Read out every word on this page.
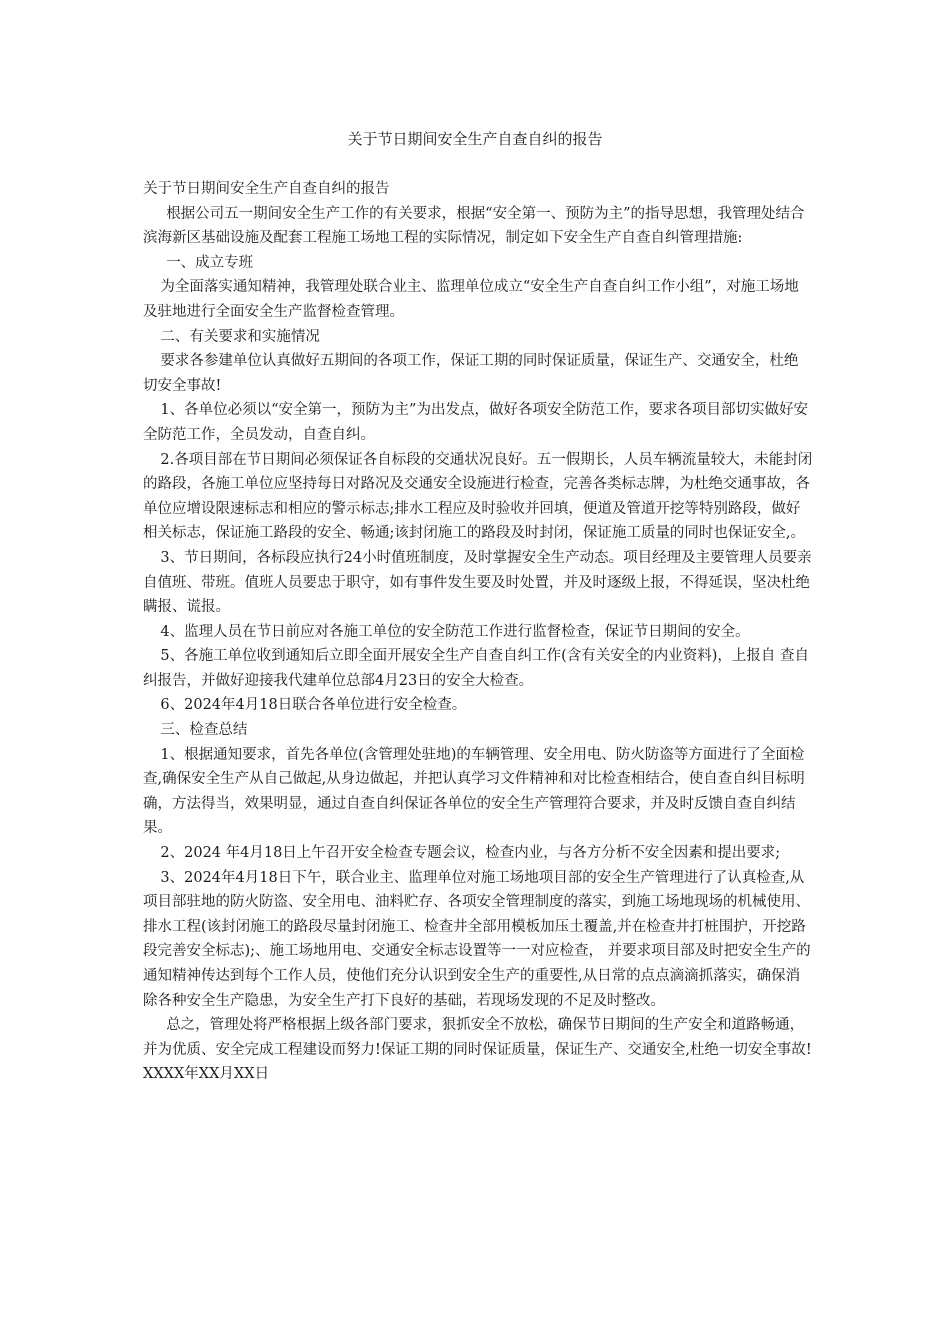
关于节日期间安全生产自查自纠的报告

关于节日期间安全生产自查自纠的报告

根据公司五一期间安全生产工作的有关要求，根据“安全第一、预防为主”的指导思想，我管理处结合滨海新区基础设施及配套工程施工场地工程的实际情况，制定如下安全生产自查自纠管理措施:

一、成立专班

为全面落实通知精神，我管理处联合业主、监理单位成立“安全生产自查自纠工作小组”，对施工场地及驻地进行全面安全生产监督检查管理。

二、有关要求和实施情况

要求各参建单位认真做好五期间的各项工作，保证工期的同时保证质量，保证生产、交通安全，杜绝 切安全事故!

1、各单位必须以“安全第一，预防为主”为出发点，做好各项安全防范工作，要求各项目部切实做好安全防范工作，全员发动，自查自纠。

2.各项目部在节日期间必须保证各自标段的交通状况良好。五一假期长，人员车辆流量较大，未能封闭的路段，各施工单位应坚持每日对路况及交通安全设施进行检查，完善各类标志牌，为杜绝交通事故，各单位应增设限速标志和相应的警示标志;排水工程应及时验收并回填，便道及管道开挖等特别路段，做好相关标志，保证施工路段的安全、畅通;该封闭施工的路段及时封闭，保证施工质量的同时也保证安全,。

3、节日期间，各标段应执行24小时值班制度，及时掌握安全生产动态。项目经理及主要管理人员要亲自值班、带班。值班人员要忠于职守，如有事件发生要及时处置，并及时逐级上报，不得延误，坚决杜绝瞒报、谎报。

4、监理人员在节日前应对各施工单位的安全防范工作进行监督检查，保证节日期间的安全。

5、各施工单位收到通知后立即全面开展安全生产自查自纠工作(含有关安全的内业资料)，上报自 查自纠报告，并做好迎接我代建单位总部4月23日的安全大检查。

6、2024年4月18日联合各单位进行安全检查。

三、检查总结

1、根据通知要求，首先各单位(含管理处驻地)的车辆管理、安全用电、防火防盗等方面进行了全面检查,确保安全生产从自己做起,从身边做起，并把认真学习文件精神和对比检查相结合，使自查自纠目标明确，方法得当，效果明显，通过自查自纠保证各单位的安全生产管理符合要求，并及时反馈自查自纠结果。

2、2024 年4月18日上午召开安全检查专题会议，检查内业，与各方分析不安全因素和提出要求;

3、2024年4月18日下午，联合业主、监理单位对施工场地项目部的安全生产管理进行了认真检查,从项目部驻地的防火防盗、安全用电、油料贮存、各项安全管理制度的落实，到施工场地现场的机械使用、排水工程(该封闭施工的路段尽量封闭施工、检查井全部用模板加压土覆盖,并在检查井打桩围护，开挖路段完善安全标志);、施工场地用电、交通安全标志设置等一一对应检查， 并要求项目部及时把安全生产的通知精神传达到每个工作人员，使他们充分认识到安全生产的重要性,从日常的点点滴滴抓落实，确保消除各种安全生产隐患，为安全生产打下良好的基础，若现场发现的不足及时整改。

总之，管理处将严格根据上级各部门要求，狠抓安全不放松，确保节日期间的生产安全和道路畅通，并为优质、安全完成工程建设而努力!保证工期的同时保证质量，保证生产、交通安全,杜绝一切安全事故!

XXXX年XX月XX日
